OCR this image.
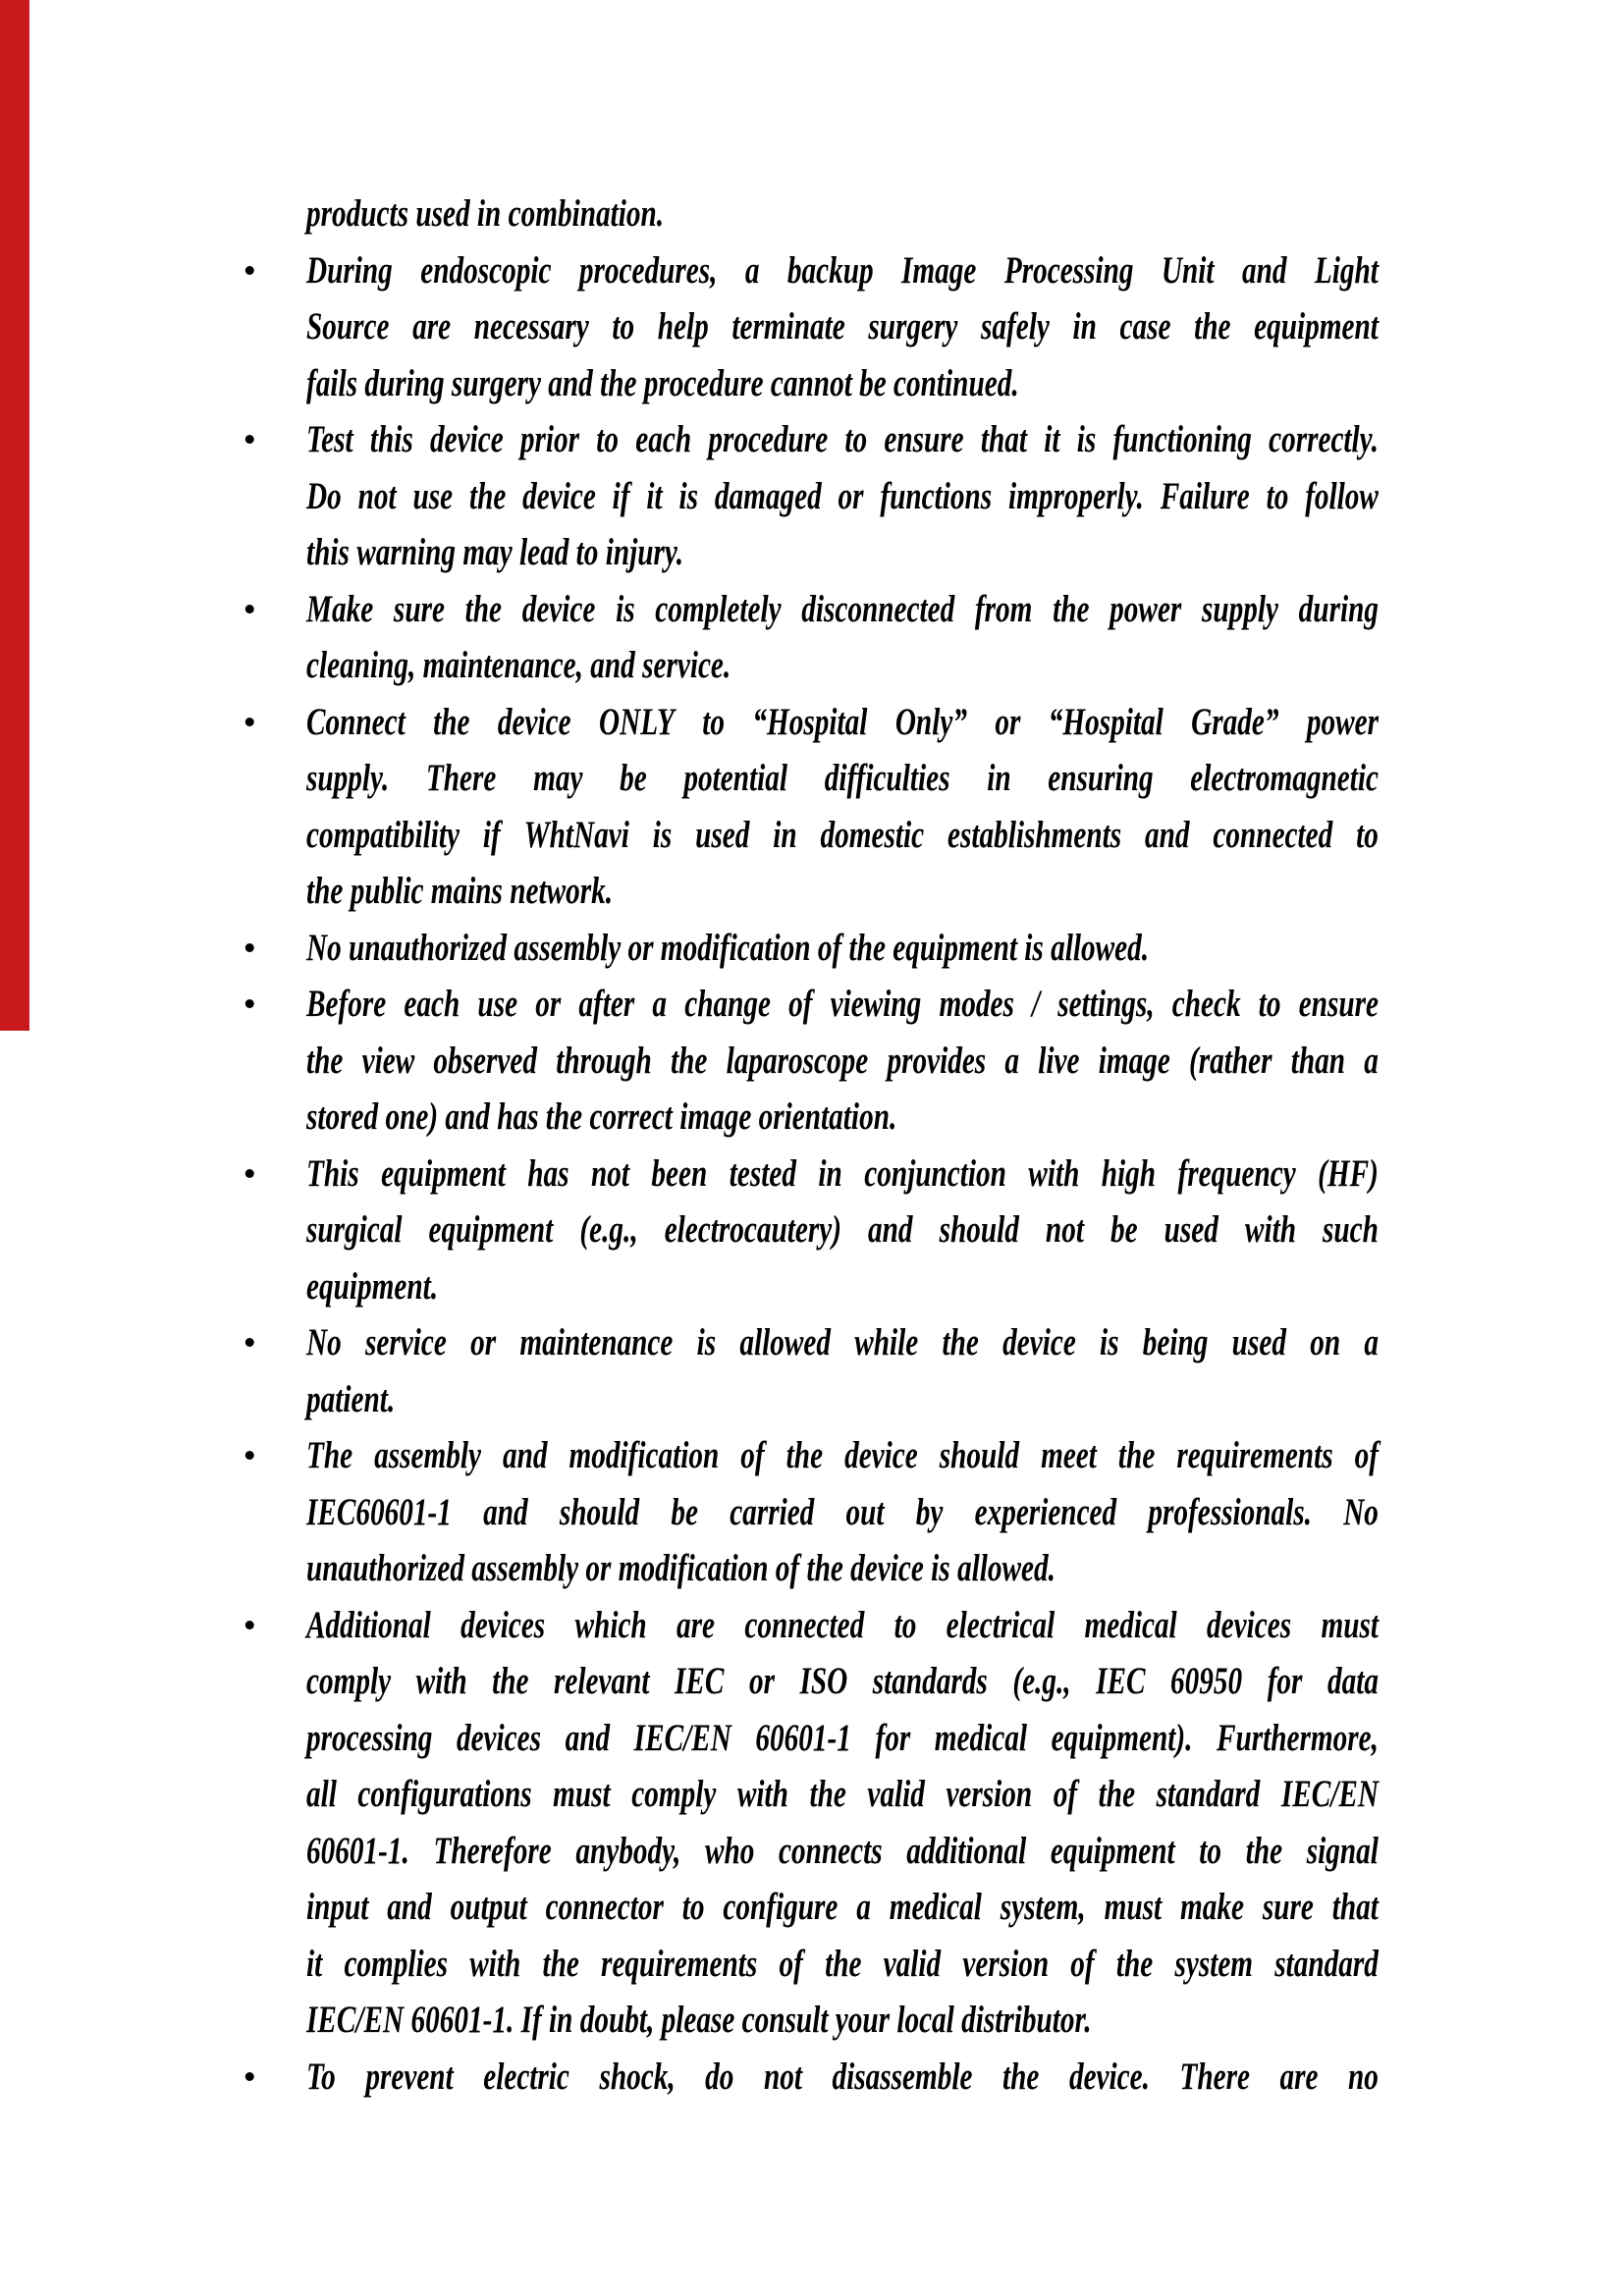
products used in combination.
During endoscopic procedures, a backup Image Processing Unit and Light
Source are necessary to help terminate surgery safely in case the equipment
fails during surgery and the procedure cannot be continued.
Test this device prior to each procedure to ensure that it is functioning correctly.
Do not use the device if it is damaged or functions improperly. Failure to follow
this warning may lead to injury.
Make sure the device is completely disconnected from the power supply during
cleaning, maintenance, and service.
Connect the device ONLY to “Hospital Only” or “Hospital Grade” power
supply. There may be potential difficulties in ensuring electromagnetic
compatibility if WhtNavi is used in domestic establishments and connected to
the public mains network.
No unauthorized assembly or modification of the equipment is allowed.
Before each use or after a change of viewing modes / settings, check to ensure
the view observed through the laparoscope provides a live image (rather than a
stored one) and has the correct image orientation.
This equipment has not been tested in conjunction with high frequency (HF)
surgical equipment (e.g., electrocautery) and should not be used with such
equipment.
No service or maintenance is allowed while the device is being used on a
patient.
The assembly and modification of the device should meet the requirements of
IEC60601-1 and should be carried out by experienced professionals. No
unauthorized assembly or modification of the device is allowed.
Additional devices which are connected to electrical medical devices must
comply with the relevant IEC or ISO standards (e.g., IEC 60950 for data
processing devices and IEC/EN 60601-1 for medical equipment). Furthermore,
all configurations must comply with the valid version of the standard IEC/EN
60601-1. Therefore anybody, who connects additional equipment to the signal
input and output connector to configure a medical system, must make sure that
it complies with the requirements of the valid version of the system standard
IEC/EN 60601-1. If in doubt, please consult your local distributor.
To prevent electric shock, do not disassemble the device. There are no
